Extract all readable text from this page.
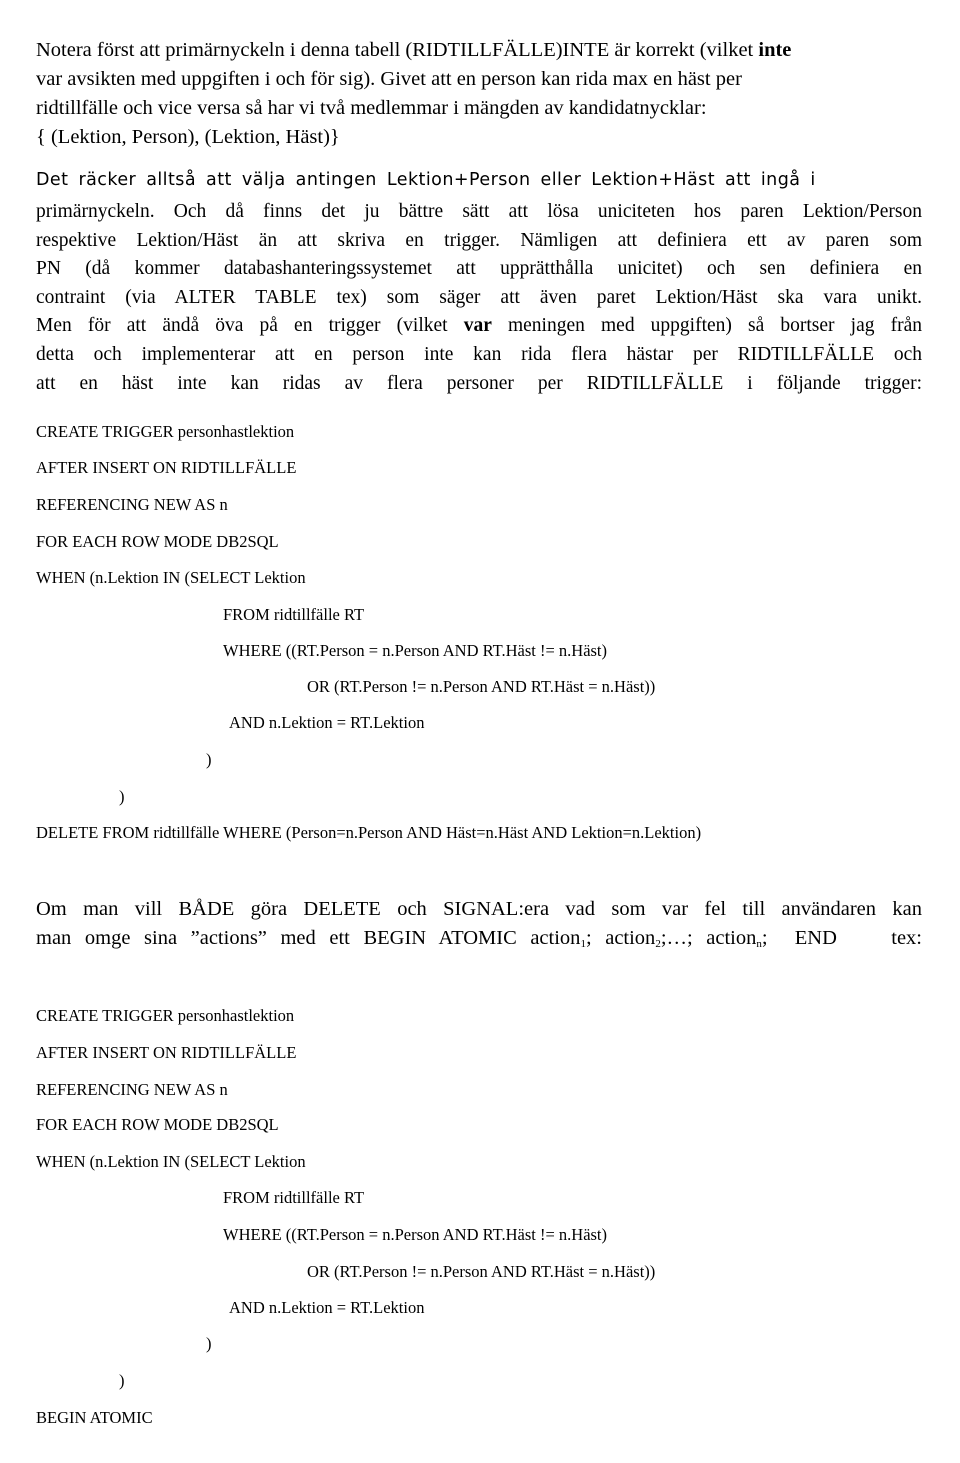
Notera först att primärnyckeln i denna tabell (RIDTILLFÄLLE)INTE är korrekt (vilket inte
var avsikten med uppgiften i och för sig). Givet att en person kan rida max en häst per
ridtillfälle och vice versa så har vi två medlemmar i mängden av kandidatnycklar:
{ (Lektion, Person), (Lektion, Häst)}
Det räcker alltså att välja antingen Lektion+Person eller Lektion+Häst att ingå i
primärnyckeln. Och då finns det ju bättre sätt att lösa uniciteten hos paren Lektion/Person
respektive Lektion/Häst än att skriva en trigger. Nämligen att definiera ett av paren som
PN (då kommer databashanteringssystemet att upprätthålla unicitet) och sen definiera en
contraint (via ALTER TABLE tex) som säger att även paret Lektion/Häst ska vara unikt.
Men för att ändå öva på en trigger (vilket var meningen med uppgiften) så bortser jag från
detta och implementerar att en person inte kan rida flera hästar per RIDTILLFÄLLE och
att en häst inte kan ridas av flera personer per RIDTILLFÄLLE i följande trigger:
CREATE TRIGGER personhastlektion
AFTER INSERT ON RIDTILLFÄLLE
REFERENCING NEW AS n
FOR EACH ROW MODE DB2SQL
WHEN (n.Lektion IN (SELECT Lektion
FROM ridtillfälle RT
WHERE ((RT.Person = n.Person AND RT.Häst != n.Häst)
OR (RT.Person != n.Person AND RT.Häst = n.Häst))
AND n.Lektion = RT.Lektion
)
)
DELETE FROM ridtillfälle WHERE (Person=n.Person AND Häst=n.Häst AND Lektion=n.Lektion)
Om man vill BÅDE göra DELETE och SIGNAL:era vad som var fel till användaren kan
man omge sina ”actions” med ett BEGIN ATOMIC action$_1$; action$_2$;…; action$_n$;  END    tex:
CREATE TRIGGER personhastlektion
AFTER INSERT ON RIDTILLFÄLLE
REFERENCING NEW AS n
FOR EACH ROW MODE DB2SQL
WHEN (n.Lektion IN (SELECT Lektion
FROM ridtillfälle RT
WHERE ((RT.Person = n.Person AND RT.Häst != n.Häst)
OR (RT.Person != n.Person AND RT.Häst = n.Häst))
AND n.Lektion = RT.Lektion
)
)
BEGIN ATOMIC
